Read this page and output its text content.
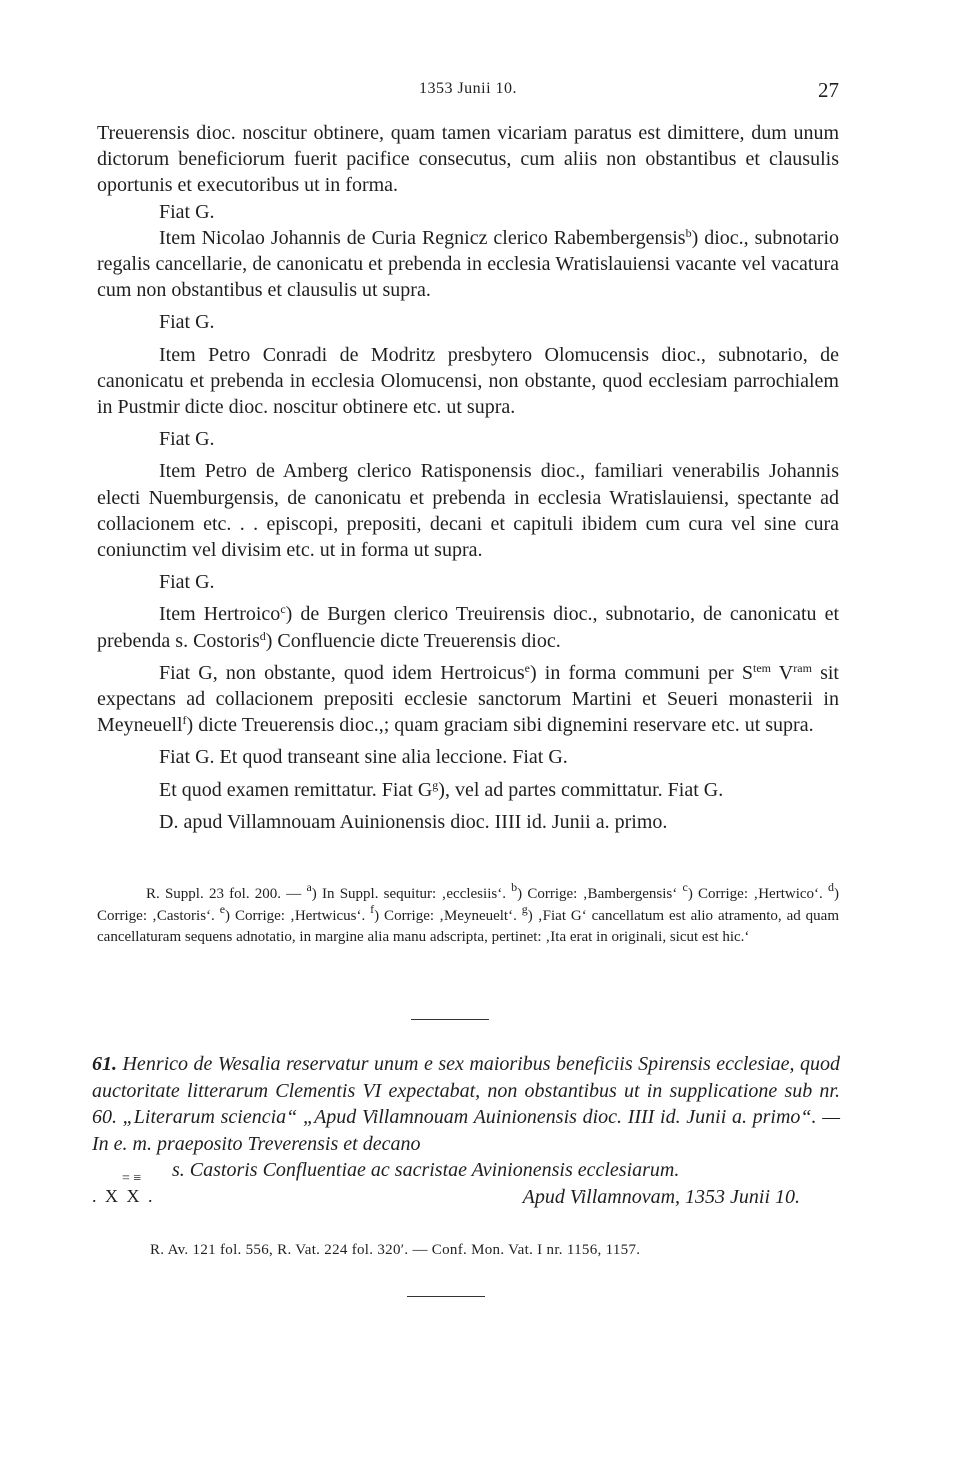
1353 Junii 10.	27

Treuerensis dioc. noscitur obtinere, quam tamen vicariam paratus est dimittere, dum unum dictorum beneficiorum fuerit pacifice consecutus, cum aliis non obstantibus et clausulis oportunis et executoribus ut in forma.

Fiat G.

Item Nicolao Johannis de Curia Regnicz clerico Rabembergensis$^b$) dioc., subnotario regalis cancellarie, de canonicatu et prebenda in ecclesia Wratislauiensi vacante vel vacatura cum non obstantibus et clausulis ut supra.

Fiat G.

Item Petro Conradi de Modritz presbytero Olomucensis dioc., subnotario, de canonicatu et prebenda in ecclesia Olomucensi, non obstante, quod ecclesiam parrochialem in Pustmir dicte dioc. noscitur obtinere etc. ut supra.

Fiat G.

Item Petro de Amberg clerico Ratisponensis dioc., familiari venerabilis Johannis electi Nuemburgensis, de canonicatu et prebenda in ecclesia Wratislauiensi, spectante ad collacionem etc. . . episcopi, prepositi, decani et capituli ibidem cum cura vel sine cura coniunctim vel divisim etc. ut in forma ut supra.

Fiat G.

Item Hertroico$^c$) de Burgen clerico Treuirensis dioc., subnotario, de canonicatu et prebenda s. Costoris$^d$) Confluencie dicte Treuerensis dioc.

Fiat G, non obstante, quod idem Hertroicus$^e$) in forma communi per $S^{tem}$ $V^{ram}$ sit expectans ad collacionem prepositi ecclesie sanctorum Martini et Seueri monasterii in Meyneuell$^f$) dicte Treuerensis dioc.,; quam graciam sibi dignemini reservare etc. ut supra.

Fiat G. Et quod transeant sine alia leccione. Fiat G.

Et quod examen remittatur. Fiat $G^g$), vel ad partes committatur. Fiat G.

D. apud Villamnouam Auinionensis dioc. IIII id. Junii a. primo.

R. Suppl. 23 fol. 200. — $^a$) In Suppl. sequitur: ‚ecclesiis‘. $^b$) Corrige: ‚Bambergensis‘ $^c$) Corrige: ‚Hertwico‘. $^d$) Corrige: ‚Castoris‘. $^e$) Corrige: ‚Hertwicus‘. $^f$) Corrige: ‚Meyneuelt‘. $^g$) ‚Fiat G‘ cancellatum est alio atramento, ad quam cancellaturam sequens adnotatio, in margine alia manu adscripta, pertinet: ‚Ita erat in originali, sicut est hic.‘

61. Henrico de Wesalia reservatur unum e sex maioribus beneficiis Spirensis ecclesiae, quod auctoritate litterarum Clementis VI expectabat, non obstantibus ut in supplicatione sub nr. 60. „Literarum sciencia“ „Apud Villamnouam Auinionensis dioc. IIII id. Junii a. primo“. — In e. m. praeposito Treverensis et decano

s. Castoris Confluentiae ac sacristae Avinionensis ecclesiarum.

= ≡
. X X .	Apud Villamnovam, 1353 Junii 10.
R. Av. 121 fol. 556, R. Vat. 224 fol. 320′. — Conf. Mon. Vat. I nr. 1156, 1157.
